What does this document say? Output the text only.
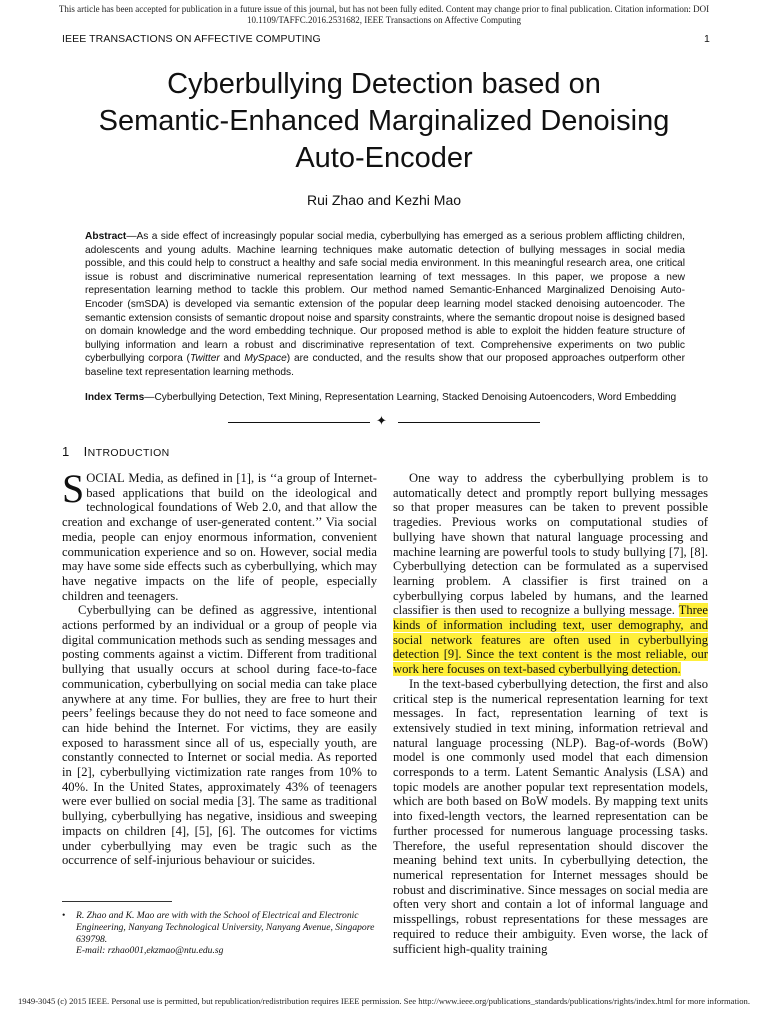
This article has been accepted for publication in a future issue of this journal, but has not been fully edited. Content may change prior to final publication. Citation information: DOI 10.1109/TAFFC.2016.2531682, IEEE Transactions on Affective Computing
IEEE TRANSACTIONS ON AFFECTIVE COMPUTING	1
Cyberbullying Detection based on
Semantic-Enhanced Marginalized Denoising
Auto-Encoder
Rui Zhao and Kezhi Mao
Abstract—As a side effect of increasingly popular social media, cyberbullying has emerged as a serious problem afflicting children, adolescents and young adults. Machine learning techniques make automatic detection of bullying messages in social media possible, and this could help to construct a healthy and safe social media environment. In this meaningful research area, one critical issue is robust and discriminative numerical representation learning of text messages. In this paper, we propose a new representation learning method to tackle this problem. Our method named Semantic-Enhanced Marginalized Denoising Auto-Encoder (smSDA) is developed via semantic extension of the popular deep learning model stacked denoising autoencoder. The semantic extension consists of semantic dropout noise and sparsity constraints, where the semantic dropout noise is designed based on domain knowledge and the word embedding technique. Our proposed method is able to exploit the hidden feature structure of bullying information and learn a robust and discriminative representation of text. Comprehensive experiments on two public cyberbullying corpora (Twitter and MySpace) are conducted, and the results show that our proposed approaches outperform other baseline text representation learning methods.
Index Terms—Cyberbullying Detection, Text Mining, Representation Learning, Stacked Denoising Autoencoders, Word Embedding
✦
1 INTRODUCTION

SOCIAL Media, as defined in [1], is ‘‘a group of Internet-based applications that build on the ideological and technological foundations of Web 2.0, and that allow the creation and exchange of user-generated content.’’ Via social media, people can enjoy enormous information, convenient communication experience and so on. However, social media may have some side effects such as cyberbullying, which may have negative impacts on the life of people, especially children and teenagers.

Cyberbullying can be defined as aggressive, intentional actions performed by an individual or a group of people via digital communication methods such as sending messages and posting comments against a victim. Different from traditional bullying that usually occurs at school during face-to-face communication, cyberbullying on social media can take place anywhere at any time. For bullies, they are free to hurt their peers’ feelings because they do not need to face someone and can hide behind the Internet. For victims, they are easily exposed to harassment since all of us, especially youth, are constantly connected to Internet or social media. As reported in [2], cyberbullying victimization rate ranges from 10% to 40%. In the United States, approximately 43% of teenagers were ever bullied on social media [3]. The same as traditional bullying, cyberbullying has negative, insidious and sweeping impacts on children [4], [5], [6]. The outcomes for victims under cyberbullying may even be tragic such as the occurrence of self-injurious behaviour or suicides.

• R. Zhao and K. Mao are with with the School of Electrical and Electronic Engineering, Nanyang Technological University, Nanyang Avenue, Singapore 639798.
E-mail: rzhao001,ekzmao@ntu.edu.sg

One way to address the cyberbullying problem is to automatically detect and promptly report bullying messages so that proper measures can be taken to prevent possible tragedies. Previous works on computational studies of bullying have shown that natural language processing and machine learning are powerful tools to study bullying [7], [8]. Cyberbullying detection can be formulated as a supervised learning problem. A classifier is first trained on a cyberbullying corpus labeled by humans, and the learned classifier is then used to recognize a bullying message. Three kinds of information including text, user demography, and social network features are often used in cyberbullying detection [9]. Since the text content is the most reliable, our work here focuses on text-based cyberbullying detection.

In the text-based cyberbullying detection, the first and also critical step is the numerical representation learning for text messages. In fact, representation learning of text is extensively studied in text mining, information retrieval and natural language processing (NLP). Bag-of-words (BoW) model is one commonly used model that each dimension corresponds to a term. Latent Semantic Analysis (LSA) and topic models are another popular text representation models, which are both based on BoW models. By mapping text units into fixed-length vectors, the learned representation can be further processed for numerous language processing tasks. Therefore, the useful representation should discover the meaning behind text units. In cyberbullying detection, the numerical representation for Internet messages should be robust and discriminative. Since messages on social media are often very short and contain a lot of informal language and misspellings, robust representations for these messages are required to reduce their ambiguity. Even worse, the lack of sufficient high-quality training

1949-3045 (c) 2015 IEEE. Personal use is permitted, but republication/redistribution requires IEEE permission. See http://www.ieee.org/publications_standards/publications/rights/index.html for more information.
